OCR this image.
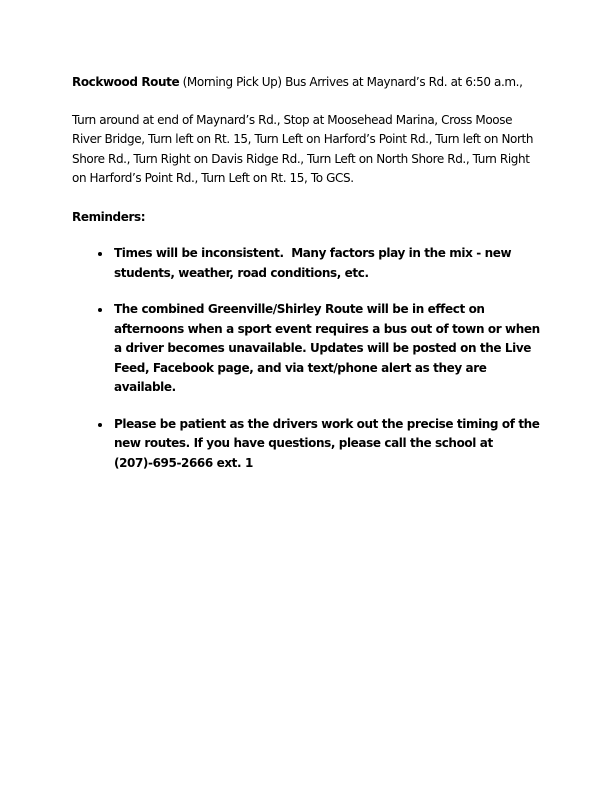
Rockwood Route (Morning Pick Up) Bus Arrives at Maynard’s Rd. at 6:50 a.m.,

Turn around at end of Maynard’s Rd., Stop at Moosehead Marina, Cross Moose River Bridge, Turn left on Rt. 15, Turn Left on Harford’s Point Rd., Turn left on North Shore Rd., Turn Right on Davis Ridge Rd., Turn Left on North Shore Rd., Turn Right on Harford’s Point Rd., Turn Left on Rt. 15, To GCS.

Reminders:

• Times will be inconsistent.  Many factors play in the mix - new students, weather, road conditions, etc.
• The combined Greenville/Shirley Route will be in effect on afternoons when a sport event requires a bus out of town or when a driver becomes unavailable. Updates will be posted on the Live Feed, Facebook page, and via text/phone alert as they are available.
• Please be patient as the drivers work out the precise timing of the new routes. If you have questions, please call the school at (207)-695-2666 ext. 1
